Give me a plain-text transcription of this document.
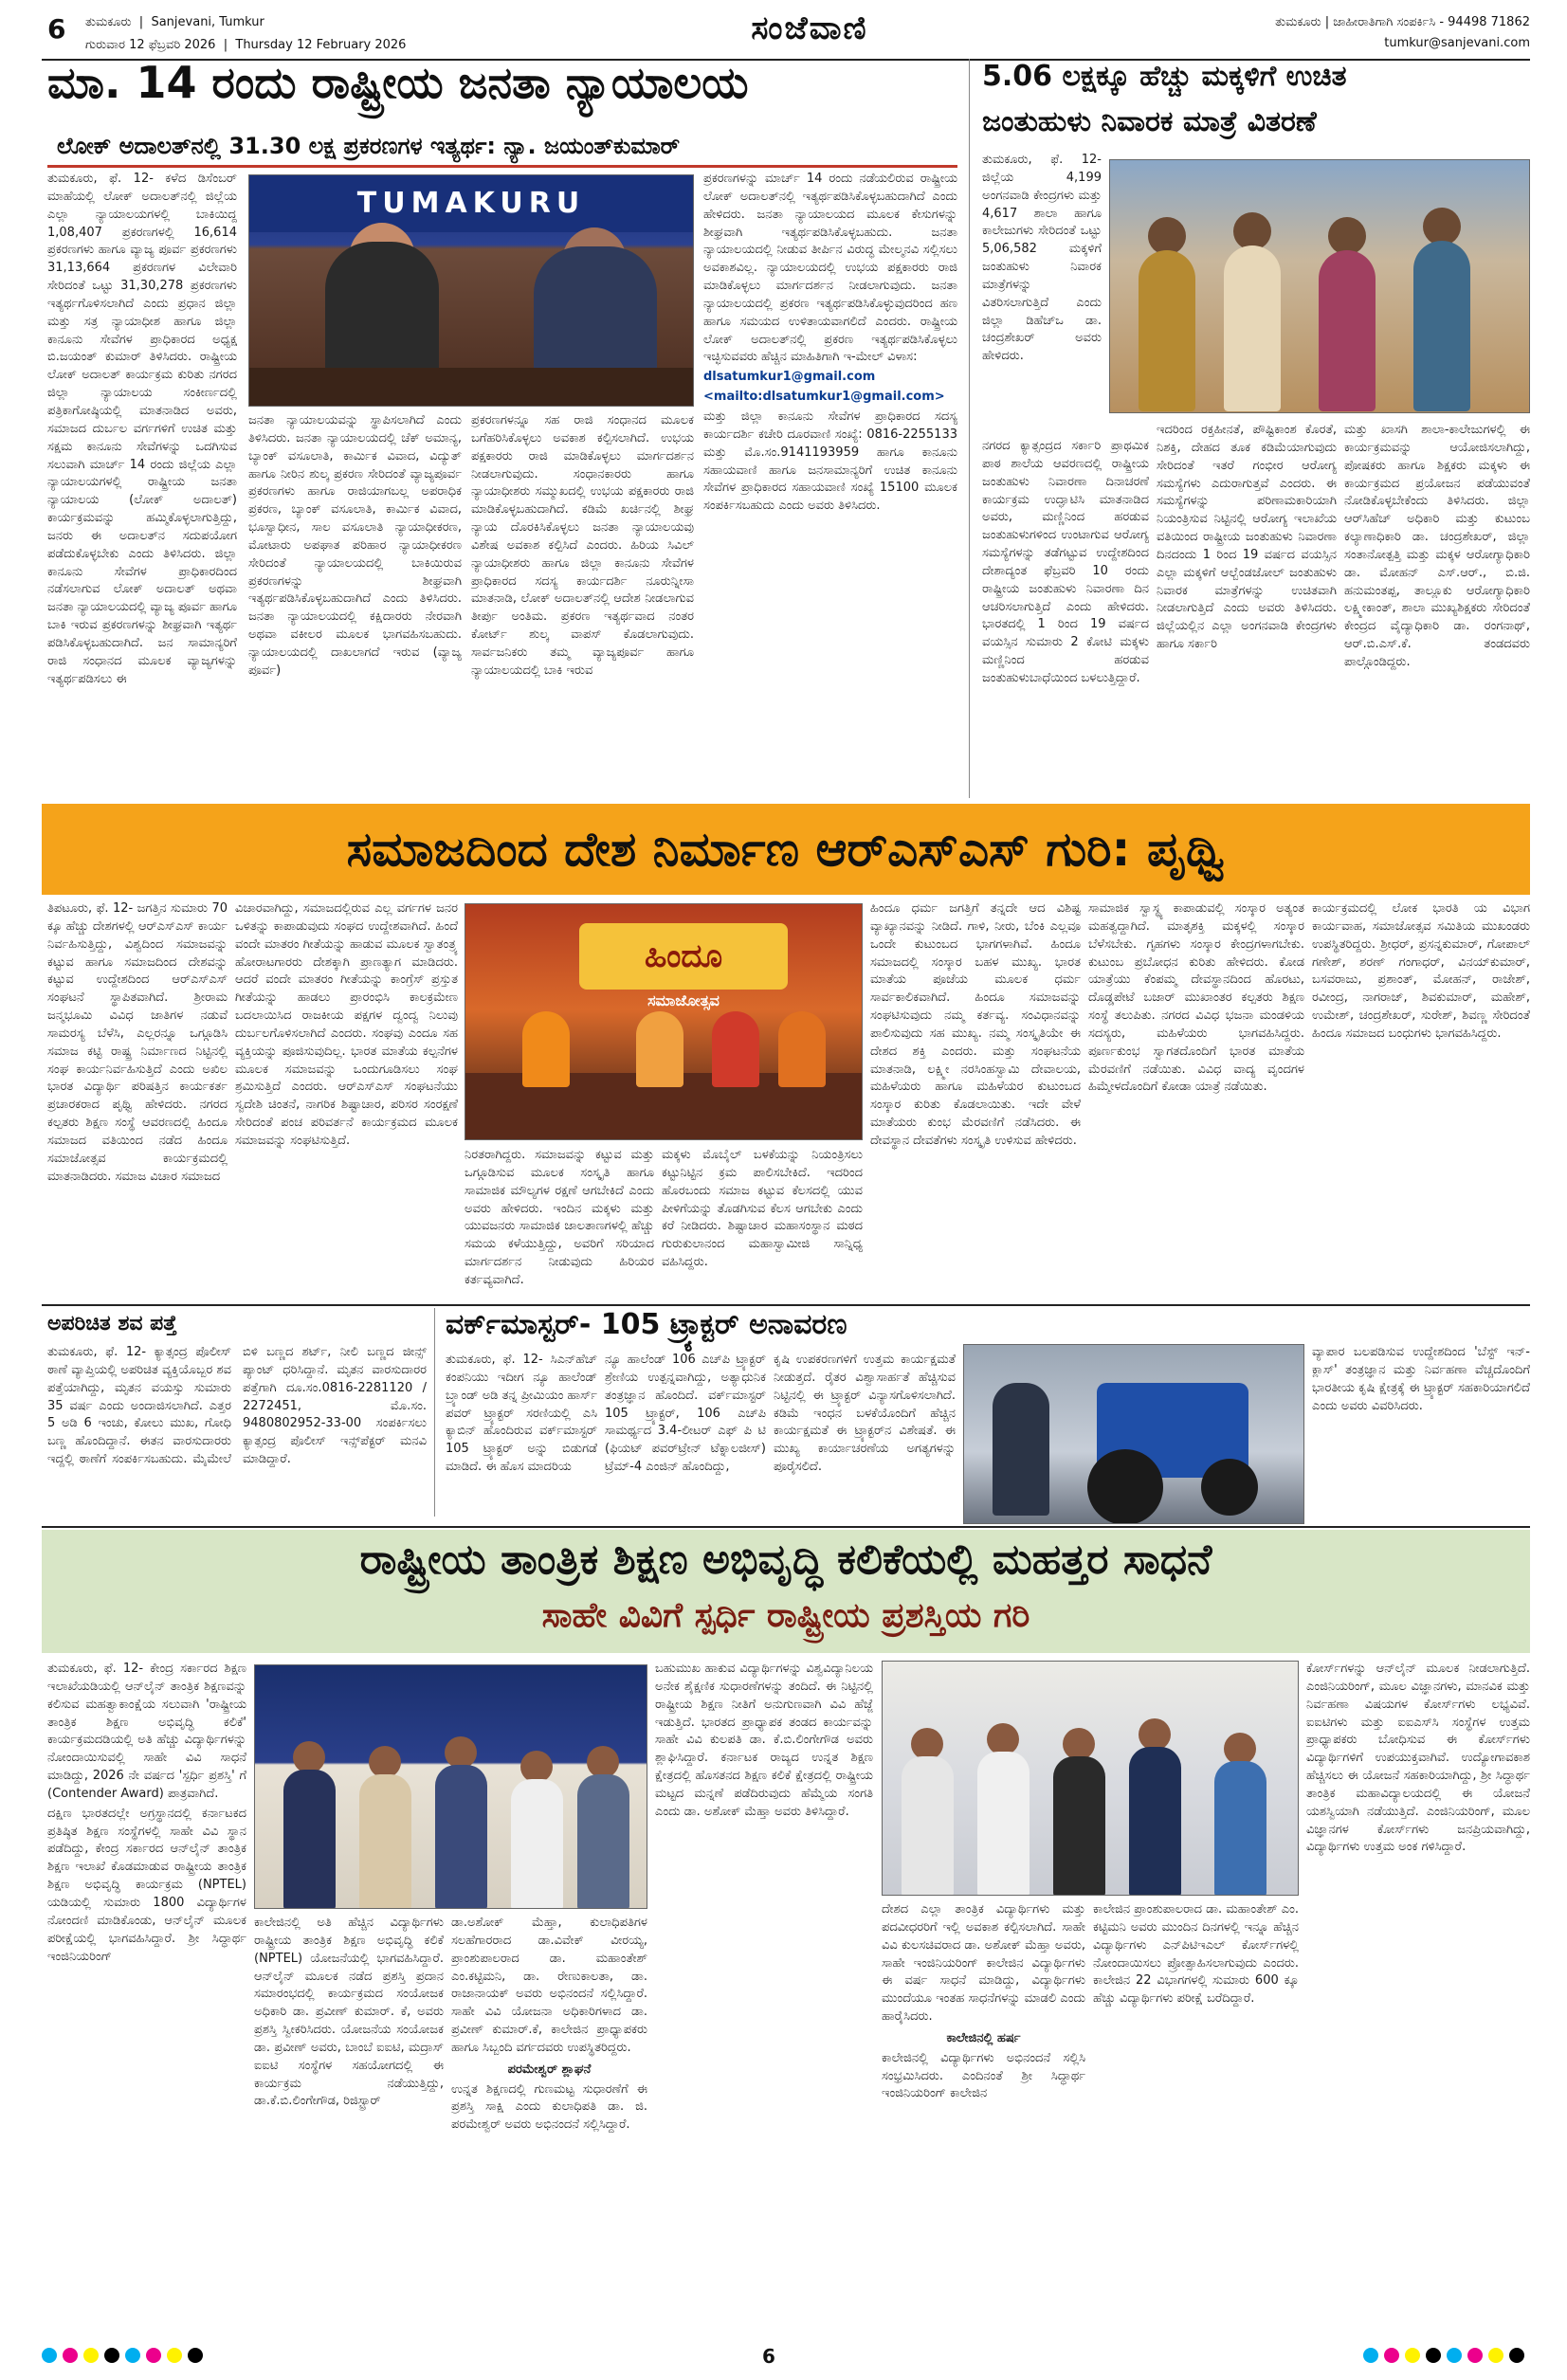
6 ತುಮಕೂರು  |  Sanjevani, Tumkur
ಗುರುವಾರ 12 ಫೆಬ್ರವರಿ 2026  |  Thursday 12 February 2026	ಸಂಜೆವಾಣಿ	ತುಮಕೂರು | ಜಾಹೀರಾತಿಗಾಗಿ ಸಂಪರ್ಕಿಸಿ - 94498 71862
tumkur@sanjevani.com
ಮಾ. 14 ರಂದು ರಾಷ್ಟ್ರೀಯ ಜನತಾ ನ್ಯಾಯಾಲಯ
ಲೋಕ್ ಅದಾಲತ್‌ನಲ್ಲಿ 31.30 ಲಕ್ಷ ಪ್ರಕರಣಗಳ ಇತ್ಯರ್ಥ: ನ್ಯಾ. ಜಯಂತ್‌ಕುಮಾರ್
ತುಮಕೂರು, ಫೆ. 12- ಕಳೆದ ಡಿಸೆಂಬರ್ ಮಾಹೆಯಲ್ಲಿ ಲೋಕ್ ಅದಾಲತ್‌ನಲ್ಲಿ ಜಿಲ್ಲೆಯ ಎಲ್ಲಾ ನ್ಯಾಯಾಲಯಗಳಲ್ಲಿ ಬಾಕಿಯಿದ್ದ 1,08,407 ಪ್ರಕರಣಗಳಲ್ಲಿ 16,614 ಪ್ರಕರಣಗಳು ಹಾಗೂ ವ್ಯಾಜ್ಯ ಪೂರ್ವ ಪ್ರಕರಣಗಳು 31,13,664 ಪ್ರಕರಣಗಳ ವಿಲೇವಾರಿ ಸೇರಿದಂತೆ ಒಟ್ಟು 31,30,278 ಪ್ರಕರಣಗಳು ಇತ್ಯರ್ಥಗೊಳಿಸಲಾಗಿದೆ ಎಂದು ಪ್ರಧಾನ ಜಿಲ್ಲಾ ಮತ್ತು ಸತ್ರ ನ್ಯಾಯಾಧೀಶ ಹಾಗೂ ಜಿಲ್ಲಾ ಕಾನೂನು ಸೇವೆಗಳ ಪ್ರಾಧಿಕಾರದ ಅಧ್ಯಕ್ಷ ಬಿ.ಜಯಂತ್ ಕುಮಾರ್ ತಿಳಿಸಿದರು. ರಾಷ್ಟ್ರೀಯ ಲೋಕ್ ಅದಾಲತ್ ಕಾರ್ಯಕ್ರಮ ಕುರಿತು ನಗರದ ಜಿಲ್ಲಾ ನ್ಯಾಯಾಲಯ ಸಂಕೀರ್ಣದಲ್ಲಿ ಪತ್ರಿಕಾಗೋಷ್ಠಿಯಲ್ಲಿ ಮಾತನಾಡಿದ ಅವರು, ಸಮಾಜದ ದುರ್ಬಲ ವರ್ಗಗಳಿಗೆ ಉಚಿತ ಮತ್ತು ಸಕ್ಷಮ ಕಾನೂನು ಸೇವೆಗಳನ್ನು ಒದಗಿಸುವ ಸಲುವಾಗಿ ಮಾರ್ಚ್ 14 ರಂದು ಜಿಲ್ಲೆಯ ಎಲ್ಲಾ ನ್ಯಾಯಾಲಯಗಳಲ್ಲಿ ರಾಷ್ಟ್ರೀಯ ಜನತಾ ನ್ಯಾಯಾಲಯ (ಲೋಕ್ ಅದಾಲತ್) ಕಾರ್ಯಕ್ರಮವನ್ನು ಹಮ್ಮಿಕೊಳ್ಳಲಾಗುತ್ತಿದ್ದು, ಜನರು ಈ ಅದಾಲತ್‌ನ ಸದುಪಯೋಗ ಪಡೆದುಕೊಳ್ಳಬೇಕು ಎಂದು ತಿಳಿಸಿದರು. ಜಿಲ್ಲಾ ಕಾನೂನು ಸೇವೆಗಳ ಪ್ರಾಧಿಕಾರದಿಂದ ನಡೆಸಲಾಗುವ ಲೋಕ್ ಅದಾಲತ್ ಅಥವಾ ಜನತಾ ನ್ಯಾಯಾಲಯದಲ್ಲಿ ವ್ಯಾಜ್ಯ ಪೂರ್ವ ಹಾಗೂ ಬಾಕಿ ಇರುವ ಪ್ರಕರಣಗಳನ್ನು ಶೀಘ್ರವಾಗಿ ಇತ್ಯರ್ಥ ಪಡಿಸಿಕೊಳ್ಳಬಹುದಾಗಿದೆ. ಜನ ಸಾಮಾನ್ಯರಿಗೆ ರಾಜಿ ಸಂಧಾನದ ಮೂಲಕ ವ್ಯಾಜ್ಯಗಳನ್ನು ಇತ್ಯರ್ಥಪಡಿಸಲು ಈ
TUMAKURU
ಜನತಾ ನ್ಯಾಯಾಲಯವನ್ನು ಸ್ಥಾಪಿಸಲಾಗಿದೆ ಎಂದು ತಿಳಿಸಿದರು. ಜನತಾ ನ್ಯಾಯಾಲಯದಲ್ಲಿ ಚೆಕ್ ಅಮಾನ್ಯ, ಬ್ಯಾಂಕ್ ವಸೂಲಾತಿ, ಕಾರ್ಮಿಕ ವಿವಾದ, ವಿದ್ಯುತ್ ಹಾಗೂ ನೀರಿನ ಶುಲ್ಕ ಪ್ರಕರಣ ಸೇರಿದಂತೆ ವ್ಯಾಜ್ಯಪೂರ್ವ ಪ್ರಕರಣಗಳು ಹಾಗೂ ರಾಜಿಯಾಗಬಲ್ಲ ಅಪರಾಧಿಕ ಪ್ರಕರಣ, ಬ್ಯಾಂಕ್ ವಸೂಲಾತಿ, ಕಾರ್ಮಿಕ ವಿವಾದ, ಭೂಸ್ವಾಧೀನ, ಸಾಲ ವಸೂಲಾತಿ ನ್ಯಾಯಾಧೀಕರಣ, ಮೋಟಾರು ಅಪಘಾತ ಪರಿಹಾರ ನ್ಯಾಯಾಧೀಕರಣ ಸೇರಿದಂತೆ ನ್ಯಾಯಾಲಯದಲ್ಲಿ ಬಾಕಿಯಿರುವ ಪ್ರಕರಣಗಳನ್ನು ಶೀಘ್ರವಾಗಿ ಇತ್ಯರ್ಥಪಡಿಸಿಕೊಳ್ಳಬಹುದಾಗಿದೆ ಎಂದು ತಿಳಿಸಿದರು. ಜನತಾ ನ್ಯಾಯಾಲಯದಲ್ಲಿ ಕಕ್ಷಿದಾರರು ನೇರವಾಗಿ ಅಥವಾ ವಕೀಲರ ಮೂಲಕ ಭಾಗವಹಿಸಬಹುದು. ನ್ಯಾಯಾಲಯದಲ್ಲಿ ದಾಖಲಾಗದೆ ಇರುವ (ವ್ಯಾಜ್ಯ ಪೂರ್ವ)
ಪ್ರಕರಣಗಳನ್ನೂ ಸಹ ರಾಜಿ ಸಂಧಾನದ ಮೂಲಕ ಬಗೆಹರಿಸಿಕೊಳ್ಳಲು ಅವಕಾಶ ಕಲ್ಪಿಸಲಾಗಿದೆ. ಉಭಯ ಪಕ್ಷಕಾರರು ರಾಜಿ ಮಾಡಿಕೊಳ್ಳಲು ಮಾರ್ಗದರ್ಶನ ನೀಡಲಾಗುವುದು. ಸಂಧಾನಕಾರರು ಹಾಗೂ ನ್ಯಾಯಾಧೀಶರು ಸಮ್ಮುಖದಲ್ಲಿ ಉಭಯ ಪಕ್ಷಕಾರರು ರಾಜಿ ಮಾಡಿಕೊಳ್ಳಬಹುದಾಗಿದೆ. ಕಡಿಮೆ ಖರ್ಚಿನಲ್ಲಿ ಶೀಘ್ರ ನ್ಯಾಯ ದೊರಕಿಸಿಕೊಳ್ಳಲು ಜನತಾ ನ್ಯಾಯಾಲಯವು ವಿಶೇಷ ಅವಕಾಶ ಕಲ್ಪಿಸಿದೆ ಎಂದರು. ಹಿರಿಯ ಸಿವಿಲ್ ನ್ಯಾಯಾಧೀಶರು ಹಾಗೂ ಜಿಲ್ಲಾ ಕಾನೂನು ಸೇವೆಗಳ ಪ್ರಾಧಿಕಾರದ ಸದಸ್ಯ ಕಾರ್ಯದರ್ಶಿ ನೂರುನ್ನೀಸಾ ಮಾತನಾಡಿ, ಲೋಕ್ ಅದಾಲತ್‌ನಲ್ಲಿ ಆದೇಶ ನೀಡಲಾಗುವ ತೀರ್ಪು ಅಂತಿಮ. ಪ್ರಕರಣ ಇತ್ಯರ್ಥವಾದ ನಂತರ ಕೋರ್ಟ್ ಶುಲ್ಕ ವಾಪಸ್ ಕೊಡಲಾಗುವುದು. ಸಾರ್ವಜನಿಕರು ತಮ್ಮ ವ್ಯಾಜ್ಯಪೂರ್ವ ಹಾಗೂ ನ್ಯಾಯಾಲಯದಲ್ಲಿ ಬಾಕಿ ಇರುವ

ಪ್ರಕರಣಗಳನ್ನು ಮಾರ್ಚ್ 14 ರಂದು ನಡೆಯಲಿರುವ ರಾಷ್ಟ್ರೀಯ ಲೋಕ್ ಅದಾಲತ್‌ನಲ್ಲಿ ಇತ್ಯರ್ಥಪಡಿಸಿಕೊಳ್ಳಬಹುದಾಗಿದೆ ಎಂದು ಹೇಳಿದರು. ಜನತಾ ನ್ಯಾಯಾಲಯದ ಮೂಲಕ ಕೇಸುಗಳನ್ನು ಶೀಘ್ರವಾಗಿ ಇತ್ಯರ್ಥಪಡಿಸಿಕೊಳ್ಳಬಹುದು. ಜನತಾ ನ್ಯಾಯಾಲಯದಲ್ಲಿ ನೀಡುವ ತೀರ್ಪಿನ ವಿರುದ್ಧ ಮೇಲ್ಮನವಿ ಸಲ್ಲಿಸಲು ಅವಕಾಶವಿಲ್ಲ. ನ್ಯಾಯಾಲಯದಲ್ಲಿ ಉಭಯ ಪಕ್ಷಕಾರರು ರಾಜಿ ಮಾಡಿಕೊಳ್ಳಲು ಮಾರ್ಗದರ್ಶನ ನೀಡಲಾಗುವುದು. ಜನತಾ ನ್ಯಾಯಾಲಯದಲ್ಲಿ ಪ್ರಕರಣ ಇತ್ಯರ್ಥಪಡಿಸಿಕೊಳ್ಳುವುದರಿಂದ ಹಣ ಹಾಗೂ ಸಮಯದ ಉಳಿತಾಯವಾಗಲಿದೆ ಎಂದರು. ರಾಷ್ಟ್ರೀಯ ಲೋಕ್ ಅದಾಲತ್‌ನಲ್ಲಿ ಪ್ರಕರಣ ಇತ್ಯರ್ಥಪಡಿಸಿಕೊಳ್ಳಲು ಇಚ್ಛಿಸುವವರು ಹೆಚ್ಚಿನ ಮಾಹಿತಿಗಾಗಿ ಇ-ಮೇಲ್ ವಿಳಾಸ:

dlsatumkur1@gmail.com

<mailto:dlsatumkur1@gmail.com>

ಮತ್ತು ಜಿಲ್ಲಾ ಕಾನೂನು ಸೇವೆಗಳ ಪ್ರಾಧಿಕಾರದ ಸದಸ್ಯ ಕಾರ್ಯದರ್ಶಿ ಕಚೇರಿ ದೂರವಾಣಿ ಸಂಖ್ಯೆ: 0816-2255133 ಮತ್ತು ಮೊ.ಸಂ.9141193959 ಹಾಗೂ ಕಾನೂನು ಸಹಾಯವಾಣಿ ಹಾಗೂ ಜನಸಾಮಾನ್ಯರಿಗೆ ಉಚಿತ ಕಾನೂನು ಸೇವೆಗಳ ಪ್ರಾಧಿಕಾರದ ಸಹಾಯವಾಣಿ ಸಂಖ್ಯೆ 15100 ಮೂಲಕ ಸಂಪರ್ಕಿಸಬಹುದು ಎಂದು ಅವರು ತಿಳಿಸಿದರು.

5.06 ಲಕ್ಷಕ್ಕೂ ಹೆಚ್ಚು ಮಕ್ಕಳಿಗೆ ಉಚಿತ
ಜಂತುಹುಳು ನಿವಾರಕ ಮಾತ್ರೆ ವಿತರಣೆ
ತುಮಕೂರು, ಫೆ. 12- ಜಿಲ್ಲೆಯ 4,199 ಅಂಗನವಾಡಿ ಕೇಂದ್ರಗಳು ಮತ್ತು 4,617 ಶಾಲಾ ಹಾಗೂ ಕಾಲೇಜುಗಳು ಸೇರಿದಂತೆ ಒಟ್ಟು 5,06,582 ಮಕ್ಕಳಿಗೆ ಜಂತುಹುಳು ನಿವಾರಕ ಮಾತ್ರೆಗಳನ್ನು ವಿತರಿಸಲಾಗುತ್ತಿದೆ ಎಂದು ಜಿಲ್ಲಾ ಡಿಹೆಚ್‌ಒ ಡಾ. ಚಂದ್ರಶೇಖರ್ ಅವರು ಹೇಳಿದರು.
ನಗರದ ಕ್ಯಾತ್ಸಂದ್ರದ ಸರ್ಕಾರಿ ಪ್ರಾಥಮಿಕ ಪಾಠ ಶಾಲೆಯ ಆವರಣದಲ್ಲಿ ರಾಷ್ಟ್ರೀಯ ಜಂತುಹುಳು ನಿವಾರಣಾ ದಿನಾಚರಣೆ ಕಾರ್ಯಕ್ರಮ ಉದ್ಘಾಟಿಸಿ ಮಾತನಾಡಿದ ಅವರು, ಮಣ್ಣಿನಿಂದ ಹರಡುವ ಜಂತುಹುಳುಗಳಿಂದ ಉಂಟಾಗುವ ಆರೋಗ್ಯ ಸಮಸ್ಯೆಗಳನ್ನು ತಡೆಗಟ್ಟುವ ಉದ್ದೇಶದಿಂದ ದೇಶಾದ್ಯಂತ ಫೆಬ್ರವರಿ 10 ರಂದು ರಾಷ್ಟ್ರೀಯ ಜಂತುಹುಳು ನಿವಾರಣಾ ದಿನ ಆಚರಿಸಲಾಗುತ್ತಿದೆ ಎಂದು ಹೇಳಿದರು. ಭಾರತದಲ್ಲಿ 1 ರಿಂದ 19 ವರ್ಷದ ವಯಸ್ಸಿನ ಸುಮಾರು 2 ಕೋಟಿ ಮಕ್ಕಳು ಮಣ್ಣಿನಿಂದ ಹರಡುವ ಜಂತುಹುಳುಬಾಧೆಯಿಂದ ಬಳಲುತ್ತಿದ್ದಾರೆ.
ಇದರಿಂದ ರಕ್ತಹೀನತೆ, ಪೌಷ್ಟಿಕಾಂಶ ಕೊರತೆ, ನಿಶಕ್ತಿ, ದೇಹದ ತೂಕ ಕಡಿಮೆಯಾಗುವುದು ಸೇರಿದಂತೆ ಇತರೆ ಗಂಭೀರ ಆರೋಗ್ಯ ಸಮಸ್ಯೆಗಳು ಎದುರಾಗುತ್ತವೆ ಎಂದರು. ಈ ಸಮಸ್ಯೆಗಳನ್ನು ಪರಿಣಾಮಕಾರಿಯಾಗಿ ನಿಯಂತ್ರಿಸುವ ನಿಟ್ಟಿನಲ್ಲಿ ಆರೋಗ್ಯ ಇಲಾಖೆಯ ವತಿಯಿಂದ ರಾಷ್ಟ್ರೀಯ ಜಂತುಹುಳು ನಿವಾರಣಾ ದಿನದಂದು 1 ರಿಂದ 19 ವರ್ಷದ ವಯಸ್ಸಿನ ಎಲ್ಲಾ ಮಕ್ಕಳಿಗೆ ಆಲ್ಬೆಂಡಜೋಲ್ ಜಂತುಹುಳು ನಿವಾರಕ ಮಾತ್ರೆಗಳನ್ನು ಉಚಿತವಾಗಿ ನೀಡಲಾಗುತ್ತಿದೆ ಎಂದು ಅವರು ತಿಳಿಸಿದರು. ಜಿಲ್ಲೆಯಲ್ಲಿನ ಎಲ್ಲಾ ಅಂಗನವಾಡಿ ಕೇಂದ್ರಗಳು ಹಾಗೂ ಸರ್ಕಾರಿ
ಮತ್ತು ಖಾಸಗಿ ಶಾಲಾ-ಕಾಲೇಜುಗಳಲ್ಲಿ ಈ ಕಾರ್ಯಕ್ರಮವನ್ನು ಆಯೋಜಿಸಲಾಗಿದ್ದು, ಪೋಷಕರು ಹಾಗೂ ಶಿಕ್ಷಕರು ಮಕ್ಕಳು ಈ ಕಾರ್ಯಕ್ರಮದ ಪ್ರಯೋಜನ ಪಡೆಯುವಂತೆ ನೋಡಿಕೊಳ್ಳಬೇಕೆಂದು ತಿಳಿಸಿದರು. ಜಿಲ್ಲಾ ಆರ್‌ಸಿಹೆಚ್ ಅಧಿಕಾರಿ ಮತ್ತು ಕುಟುಂಬ ಕಲ್ಯಾಣಾಧಿಕಾರಿ ಡಾ. ಚಂದ್ರಶೇಖರ್, ಜಿಲ್ಲಾ ಸಂತಾನೋತ್ಪತ್ತಿ ಮತ್ತು ಮಕ್ಕಳ ಆರೋಗ್ಯಾಧಿಕಾರಿ ಡಾ. ಮೋಹನ್ ಎಸ್.ಆರ್., ಬಿ.ಜಿ. ಹನುಮಂತಪ್ಪ, ತಾಲ್ಲೂಕು ಆರೋಗ್ಯಾಧಿಕಾರಿ ಲಕ್ಷ್ಮೀಕಾಂತ್, ಶಾಲಾ ಮುಖ್ಯಶಿಕ್ಷಕರು ಸೇರಿದಂತೆ ಕೇಂದ್ರದ ವೈದ್ಯಾಧಿಕಾರಿ ಡಾ. ರಂಗನಾಥ್, ಆರ್.ಬಿ.ಎಸ್.ಕೆ. ತಂಡದವರು ಪಾಲ್ಗೊಂಡಿದ್ದರು.
ಸಮಾಜದಿಂದ ದೇಶ ನಿರ್ಮಾಣ ಆರ್‌ಎಸ್‌ಎಸ್ ಗುರಿ: ಪೃಥ್ವಿ
ತಿಪಟೂರು, ಫೆ. 12- ಜಗತ್ತಿನ ಸುಮಾರು 70 ಕ್ಕೂ ಹೆಚ್ಚು ದೇಶಗಳಲ್ಲಿ ಆರ್‌ಎಸ್‌ಎಸ್ ಕಾರ್ಯ ನಿರ್ವಹಿಸುತ್ತಿದ್ದು, ವಿಶ್ವದಿಂದ ಸಮಾಜವನ್ನು ಕಟ್ಟುವ ಹಾಗೂ ಸಮಾಜದಿಂದ ದೇಶವನ್ನು ಕಟ್ಟುವ ಉದ್ದೇಶದಿಂದ ಆರ್‌ಎಸ್‌ಎಸ್ ಸಂಘಟನೆ ಸ್ಥಾಪಿತವಾಗಿದೆ. ಶ್ರೀರಾಮ ಜನ್ಮಭೂಮಿ ವಿವಿಧ ಜಾತಿಗಳ ನಡುವೆ ಸಾಮರಸ್ಯ ಬೆಳೆಸಿ, ಎಲ್ಲರನ್ನೂ ಒಗ್ಗೂಡಿಸಿ ಸಮಾಜ ಕಟ್ಟಿ ರಾಷ್ಟ್ರ ನಿರ್ಮಾಣದ ನಿಟ್ಟಿನಲ್ಲಿ ಸಂಘ ಕಾರ್ಯನಿರ್ವಹಿಸುತ್ತಿದೆ ಎಂದು ಅಖಿಲ ಭಾರತ ವಿದ್ಯಾರ್ಥಿ ಪರಿಷತ್ತಿನ ಕಾರ್ಯಕರ್ತ ಪ್ರಚಾರಕರಾದ ಪೃಥ್ವಿ ಹೇಳಿದರು. ನಗರದ ಕಲ್ಪತರು ಶಿಕ್ಷಣ ಸಂಸ್ಥೆ ಆವರಣದಲ್ಲಿ ಹಿಂದೂ ಸಮಾಜದ ವತಿಯಿಂದ ನಡೆದ ಹಿಂದೂ ಸಮಾಜೋತ್ಸವ ಕಾರ್ಯಕ್ರಮದಲ್ಲಿ ಮಾತನಾಡಿದರು. ಸಮಾಜ ವಿಚಾರ ಸಮಾಜದ
ವಿಚಾರವಾಗಿದ್ದು, ಸಮಾಜದಲ್ಲಿರುವ ಎಲ್ಲ ವರ್ಗಗಳ ಜನರ ಒಳಿತನ್ನು ಕಾಪಾಡುವುದು ಸಂಘದ ಉದ್ದೇಶವಾಗಿದೆ. ಹಿಂದೆ ವಂದೇ ಮಾತರಂ ಗೀತೆಯನ್ನು ಹಾಡುವ ಮೂಲಕ ಸ್ವಾತಂತ್ರ್ಯ ಹೋರಾಟಗಾರರು ದೇಶಕ್ಕಾಗಿ ಪ್ರಾಣತ್ಯಾಗ ಮಾಡಿದರು. ಆದರೆ ವಂದೇ ಮಾತರಂ ಗೀತೆಯನ್ನು ಕಾಂಗ್ರೆಸ್ ಪ್ರಸ್ತುತ ಗೀತೆಯನ್ನು ಹಾಡಲು ಪ್ರಾರಂಭಿಸಿ ಕಾಲಕ್ರಮೇಣ ಬದಲಾಯಿಸಿದ ರಾಜಕೀಯ ಪಕ್ಷಗಳ ದ್ವಂದ್ವ ನಿಲುವು ದುರ್ಬಲಗೊಳಿಸಲಾಗಿದೆ ಎಂದರು. ಸಂಘವು ಎಂದೂ ಸಹ ವ್ಯಕ್ತಿಯನ್ನು ಪೂಜಿಸುವುದಿಲ್ಲ. ಭಾರತ ಮಾತೆಯ ಕಲ್ಪನೆಗಳ ಮೂಲಕ ಸಮಾಜವನ್ನು ಒಂದುಗೂಡಿಸಲು ಸಂಘ ಶ್ರಮಿಸುತ್ತಿದೆ ಎಂದರು. ಆರ್‌ಎಸ್‌ಎಸ್ ಸಂಘಟನೆಯು ಸ್ವದೇಶಿ ಚಿಂತನೆ, ನಾಗರಿಕ ಶಿಷ್ಟಾಚಾರ, ಪರಿಸರ ಸಂರಕ್ಷಣೆ ಸೇರಿದಂತೆ ಪಂಚ ಪರಿವರ್ತನೆ ಕಾರ್ಯಕ್ರಮದ ಮೂಲಕ ಸಮಾಜವನ್ನು ಸಂಘಟಿಸುತ್ತಿದೆ.
ಹಿಂದೂ
ಸಮಾಜೋತ್ಸವ
ನಿರತರಾಗಿದ್ದರು. ಸಮಾಜವನ್ನು ಕಟ್ಟುವ ಮತ್ತು ಒಗ್ಗೂಡಿಸುವ ಮೂಲಕ ಸಂಸ್ಕೃತಿ ಹಾಗೂ ಸಾಮಾಜಿಕ ಮೌಲ್ಯಗಳ ರಕ್ಷಣೆ ಆಗಬೇಕಿದೆ ಎಂದು ಅವರು ಹೇಳಿದರು. ಇಂದಿನ ಮಕ್ಕಳು ಮತ್ತು ಯುವಜನರು ಸಾಮಾಜಿಕ ಜಾಲತಾಣಗಳಲ್ಲಿ ಹೆಚ್ಚು ಸಮಯ ಕಳೆಯುತ್ತಿದ್ದು, ಅವರಿಗೆ ಸರಿಯಾದ ಮಾರ್ಗದರ್ಶನ ನೀಡುವುದು ಹಿರಿಯರ ಕರ್ತವ್ಯವಾಗಿದೆ.
ಮಕ್ಕಳು ಮೊಬೈಲ್ ಬಳಕೆಯನ್ನು ನಿಯಂತ್ರಿಸಲು ಕಟ್ಟುನಿಟ್ಟಿನ ಕ್ರಮ ಪಾಲಿಸಬೇಕಿದೆ. ಇದರಿಂದ ಹೊರಬಂದು ಸಮಾಜ ಕಟ್ಟುವ ಕೆಲಸದಲ್ಲಿ ಯುವ ಪೀಳಿಗೆಯನ್ನು ತೊಡಗಿಸುವ ಕೆಲಸ ಆಗಬೇಕು ಎಂದು ಕರೆ ನೀಡಿದರು. ಶಿಷ್ಟಾಚಾರ ಮಹಾಸಂಸ್ಥಾನ ಮಠದ ಗುರುಕುಲಾನಂದ ಮಹಾಸ್ವಾಮೀಜಿ ಸಾನ್ನಿಧ್ಯ ವಹಿಸಿದ್ದರು.
ಹಿಂದೂ ಧರ್ಮ ಜಗತ್ತಿಗೆ ತನ್ನದೇ ಆದ ವಿಶಿಷ್ಟ ವ್ಯಾಖ್ಯಾನವನ್ನು ನೀಡಿದೆ. ಗಾಳಿ, ನೀರು, ಬೆಂಕಿ ಎಲ್ಲವೂ ಒಂದೇ ಕುಟುಂಬದ ಭಾಗಗಳಾಗಿವೆ. ಹಿಂದೂ ಸಮಾಜದಲ್ಲಿ ಸಂಸ್ಕಾರ ಬಹಳ ಮುಖ್ಯ. ಭಾರತ ಮಾತೆಯ ಪೂಜೆಯ ಮೂಲಕ ಧರ್ಮ ಸಾರ್ವಕಾಲಿಕವಾಗಿದೆ. ಹಿಂದೂ ಸಮಾಜವನ್ನು ಸಂಘಟಿಸುವುದು ನಮ್ಮ ಕರ್ತವ್ಯ. ಸಂವಿಧಾನವನ್ನು ಪಾಲಿಸುವುದು ಸಹ ಮುಖ್ಯ. ನಮ್ಮ ಸಂಸ್ಕೃತಿಯೇ ಈ ದೇಶದ ಶಕ್ತಿ ಎಂದರು. ಮತ್ತು ಸಂಘಟನೆಯ ಮಾತನಾಡಿ, ಲಕ್ಷ್ಮೀ ನರಸಿಂಹಸ್ವಾಮಿ ದೇವಾಲಯ, ಮಹಿಳೆಯರು ಹಾಗೂ ಮಹಿಳೆಯರ ಕುಟುಂಬದ ಸಂಸ್ಕಾರ ಕುರಿತು ಕೊಡಲಾಯಿತು. ಇದೇ ವೇಳೆ ಮಾತೆಯರು ಕುಂಭ ಮೆರವಣಿಗೆ ನಡೆಸಿದರು. ಈ ದೇವಸ್ಥಾನ ದೇವತೆಗಳು ಸಂಸ್ಕೃತಿ ಉಳಿಸುವ ಹೇಳಿದರು.
ಸಾಮಾಜಿಕ ಸ್ವಾಸ್ಥ್ಯ ಕಾಪಾಡುವಲ್ಲಿ ಸಂಸ್ಕಾರ ಅತ್ಯಂತ ಮಹತ್ವದ್ದಾಗಿದೆ. ಮಾತೃಶಕ್ತಿ ಮಕ್ಕಳಲ್ಲಿ ಸಂಸ್ಕಾರ ಬೆಳೆಸಬೇಕು. ಗೃಹಗಳು ಸಂಸ್ಕಾರ ಕೇಂದ್ರಗಳಾಗಬೇಕು. ಕುಟುಂಬ ಪ್ರಬೋಧನ ಕುರಿತು ಹೇಳಿದರು. ಕೋಡ ಯಾತ್ರೆಯು ಕೆಂಪಮ್ಮ ದೇವಸ್ಥಾನದಿಂದ ಹೊರಟು, ದೊಡ್ಡಪೇಟೆ ಬಜಾರ್ ಮುಖಾಂತರ ಕಲ್ಪತರು ಶಿಕ್ಷಣ ಸಂಸ್ಥೆ ತಲುಪಿತು. ನಗರದ ವಿವಿಧ ಭಜನಾ ಮಂಡಳಿಯ ಸದಸ್ಯರು, ಮಹಿಳೆಯರು ಭಾಗವಹಿಸಿದ್ದರು. ಪೂರ್ಣಕುಂಭ ಸ್ವಾಗತದೊಂದಿಗೆ ಭಾರತ ಮಾತೆಯ ಮೆರವಣಿಗೆ ನಡೆಯಿತು. ವಿವಿಧ ವಾದ್ಯ ವೃಂದಗಳ ಹಿಮ್ಮೇಳದೊಂದಿಗೆ ಕೋಡಾ ಯಾತ್ರೆ ನಡೆಯಿತು.
ಕಾರ್ಯಕ್ರಮದಲ್ಲಿ ಲೋಕ ಭಾರತಿ ಯ ವಿಭಾಗ ಕಾರ್ಯವಾಹ, ಸಮಾಜೋತ್ಸವ ಸಮಿತಿಯ ಮುಖಂಡರು ಉಪಸ್ಥಿತರಿದ್ದರು. ಶ್ರೀಧರ್, ಪ್ರಸನ್ನಕುಮಾರ್, ಗೋಪಾಲ್ ಗಣೇಶ್, ಶರಣ್ ಗಂಗಾಧರ್, ವಿನಯ್‌ಕುಮಾರ್, ಬಸವರಾಜು, ಪ್ರಶಾಂತ್, ಮೋಹನ್, ರಾಜೇಶ್, ರವೀಂದ್ರ, ನಾಗರಾಜ್, ಶಿವಕುಮಾರ್, ಮಹೇಶ್, ಉಮೇಶ್, ಚಂದ್ರಶೇಖರ್, ಸುರೇಶ್, ಶಿವಣ್ಣ ಸೇರಿದಂತೆ ಹಿಂದೂ ಸಮಾಜದ ಬಂಧುಗಳು ಭಾಗವಹಿಸಿದ್ದರು.
ಅಪರಿಚಿತ ಶವ ಪತ್ತೆ
ತುಮಕೂರು, ಫೆ. 12- ಕ್ಯಾತ್ಸಂದ್ರ ಪೊಲೀಸ್ ಠಾಣೆ ವ್ಯಾಪ್ತಿಯಲ್ಲಿ ಅಪರಿಚಿತ ವ್ಯಕ್ತಿಯೊಬ್ಬರ ಶವ ಪತ್ತೆಯಾಗಿದ್ದು, ಮೃತನ ವಯಸ್ಸು ಸುಮಾರು 35 ವರ್ಷ ಎಂದು ಅಂದಾಜಿಸಲಾಗಿದೆ. ಎತ್ತರ 5 ಅಡಿ 6 ಇಂಚು, ಕೋಲು ಮುಖ, ಗೋಧಿ ಬಣ್ಣ ಹೊಂದಿದ್ದಾನೆ. ಈತನ ವಾರಸುದಾರರು ಇದ್ದಲ್ಲಿ ಠಾಣೆಗೆ ಸಂಪರ್ಕಿಸಬಹುದು. ಮೈಮೇಲೆ ಬಿಳಿ ಬಣ್ಣದ ಶರ್ಟ್, ನೀಲಿ ಬಣ್ಣದ ಜೀನ್ಸ್ ಪ್ಯಾಂಟ್ ಧರಿಸಿದ್ದಾನೆ. ಮೃತನ ವಾರಸುದಾರರ ಪತ್ತೆಗಾಗಿ ದೂ.ಸಂ.0816-2281120 / 2272451, ಮೊ.ಸಂ. 9480802952-33-00 ಸಂಪರ್ಕಿಸಲು ಕ್ಯಾತ್ಸಂದ್ರ ಪೊಲೀಸ್ ಇನ್ಸ್‌ಪೆಕ್ಟರ್ ಮನವಿ ಮಾಡಿದ್ದಾರೆ.
ವರ್ಕ್‌ಮಾಸ್ಟರ್- 105 ಟ್ರ್ಯಾಕ್ಟರ್ ಅನಾವರಣ
ತುಮಕೂರು, ಫೆ. 12- ಸಿಎನ್‌ಹೆಚ್ ಕಂಪನಿಯು ಇದೀಗ ನ್ಯೂ ಹಾಲೆಂಡ್ ಬ್ರ್ಯಾಂಡ್ ಅಡಿ ತನ್ನ ಪ್ರೀಮಿಯಂ ಹಾರ್ಸ್ ಪವರ್ ಟ್ರ್ಯಾಕ್ಟರ್ ಸರಣಿಯಲ್ಲಿ ಎಸಿ ಕ್ಯಾಬಿನ್ ಹೊಂದಿರುವ ವರ್ಕ್‌ಮಾಸ್ಟರ್ 105 ಟ್ರ್ಯಾಕ್ಟರ್ ಅನ್ನು ಬಿಡುಗಡೆ ಮಾಡಿದೆ. ಈ ಹೊಸ ಮಾದರಿಯ
ನ್ಯೂ ಹಾಲೆಂಡ್ 106 ಎಚ್‌ಪಿ ಟ್ರ್ಯಾಕ್ಟರ್ ಶ್ರೇಣಿಯ ಉತ್ಪನ್ನವಾಗಿದ್ದು, ಅತ್ಯಾಧುನಿಕ ತಂತ್ರಜ್ಞಾನ ಹೊಂದಿದೆ. ವರ್ಕ್‌ಮಾಸ್ಟರ್ 105 ಟ್ರ್ಯಾಕ್ಟರ್, 106 ಎಚ್‌ಪಿ ಸಾಮರ್ಥ್ಯದ 3.4-ಲೀಟರ್ ಎಫ್ ಪಿ ಟಿ (ಫಿಯಟ್ ಪವರ್‌ಟ್ರೇನ್ ಟೆಕ್ನಾಲಜೀಸ್) ಟ್ರೆಮ್-4 ಎಂಜಿನ್ ಹೊಂದಿದ್ದು,
ಕೃಷಿ ಉಪಕರಣಗಳಿಗೆ ಉತ್ತಮ ಕಾರ್ಯಕ್ಷಮತೆ ನೀಡುತ್ತದೆ. ರೈತರ ವಿಶ್ವಾಸಾರ್ಹತೆ ಹೆಚ್ಚಿಸುವ ನಿಟ್ಟಿನಲ್ಲಿ ಈ ಟ್ರ್ಯಾಕ್ಟರ್ ವಿನ್ಯಾಸಗೊಳಿಸಲಾಗಿದೆ. ಕಡಿಮೆ ಇಂಧನ ಬಳಕೆಯೊಂದಿಗೆ ಹೆಚ್ಚಿನ ಕಾರ್ಯಕ್ಷಮತೆ ಈ ಟ್ರ್ಯಾಕ್ಟರ್‌ನ ವಿಶೇಷತೆ. ಈ ಮುಖ್ಯ ಕಾರ್ಯಾಚರಣೆಯ ಅಗತ್ಯಗಳನ್ನು ಪೂರೈಸಲಿದೆ.
ವ್ಯಾಪಾರ ಬಲಪಡಿಸುವ ಉದ್ದೇಶದಿಂದ 'ಬೆಸ್ಟ್ ಇನ್-ಕ್ಲಾಸ್' ತಂತ್ರಜ್ಞಾನ ಮತ್ತು ನಿರ್ವಹಣಾ ವೆಚ್ಚದೊಂದಿಗೆ ಭಾರತೀಯ ಕೃಷಿ ಕ್ಷೇತ್ರಕ್ಕೆ ಈ ಟ್ರ್ಯಾಕ್ಟರ್ ಸಹಕಾರಿಯಾಗಲಿದೆ ಎಂದು ಅವರು ವಿವರಿಸಿದರು.
ರಾಷ್ಟ್ರೀಯ ತಾಂತ್ರಿಕ ಶಿಕ್ಷಣ ಅಭಿವೃದ್ಧಿ ಕಲಿಕೆಯಲ್ಲಿ ಮಹತ್ತರ ಸಾಧನೆ
ಸಾಹೇ ವಿವಿಗೆ ಸ್ಪರ್ಧಿ ರಾಷ್ಟ್ರೀಯ ಪ್ರಶಸ್ತಿಯ ಗರಿ

ತುಮಕೂರು, ಫೆ. 12- ಕೇಂದ್ರ ಸರ್ಕಾರದ ಶಿಕ್ಷಣ ಇಲಾಖೆಯಡಿಯಲ್ಲಿ ಆನ್‌ಲೈನ್ ತಾಂತ್ರಿಕ ಶಿಕ್ಷಣವನ್ನು ಕಲಿಸುವ ಮಹತ್ವಾಕಾಂಕ್ಷೆಯ ಸಲುವಾಗಿ 'ರಾಷ್ಟ್ರೀಯ ತಾಂತ್ರಿಕ ಶಿಕ್ಷಣ ಅಭಿವೃದ್ಧಿ ಕಲಿಕೆ' ಕಾರ್ಯಕ್ರಮದಡಿಯಲ್ಲಿ ಅತಿ ಹೆಚ್ಚು ವಿದ್ಯಾರ್ಥಿಗಳನ್ನು ನೋಂದಾಯಿಸುವಲ್ಲಿ ಸಾಹೇ ವಿವಿ ಸಾಧನೆ ಮಾಡಿದ್ದು, 2026 ನೇ ವರ್ಷದ 'ಸ್ಪರ್ಧಿ ಪ್ರಶಸ್ತಿ' ಗೆ (Contender Award) ಪಾತ್ರವಾಗಿದೆ.

ದಕ್ಷಿಣ ಭಾರತದಲ್ಲೇ ಅಗ್ರಸ್ಥಾನದಲ್ಲಿ ಕರ್ನಾಟಕದ ಪ್ರತಿಷ್ಠಿತ ಶಿಕ್ಷಣ ಸಂಸ್ಥೆಗಳಲ್ಲಿ ಸಾಹೇ ವಿವಿ ಸ್ಥಾನ ಪಡೆದಿದ್ದು, ಕೇಂದ್ರ ಸರ್ಕಾರದ ಆನ್‌ಲೈನ್ ತಾಂತ್ರಿಕ ಶಿಕ್ಷಣ ಇಲಾಖೆ ಕೊಡಮಾಡುವ ರಾಷ್ಟ್ರೀಯ ತಾಂತ್ರಿಕ ಶಿಕ್ಷಣ ಅಭಿವೃದ್ಧಿ ಕಾರ್ಯಕ್ರಮ (NPTEL) ಯಡಿಯಲ್ಲಿ ಸುಮಾರು 1800 ವಿದ್ಯಾರ್ಥಿಗಳ ನೋಂದಣಿ ಮಾಡಿಕೊಂಡು, ಆನ್‌ಲೈನ್ ಮೂಲಕ ಪರೀಕ್ಷೆಯಲ್ಲಿ ಭಾಗವಹಿಸಿದ್ದಾರೆ. ಶ್ರೀ ಸಿದ್ಧಾರ್ಥ ಇಂಜಿನಿಯರಿಂಗ್

ಕಾಲೇಜಿನಲ್ಲಿ ಅತಿ ಹೆಚ್ಚಿನ ವಿದ್ಯಾರ್ಥಿಗಳು ರಾಷ್ಟ್ರೀಯ ತಾಂತ್ರಿಕ ಶಿಕ್ಷಣ ಅಭಿವೃದ್ಧಿ ಕಲಿಕೆ (NPTEL) ಯೋಜನೆಯಲ್ಲಿ ಭಾಗವಹಿಸಿದ್ದಾರೆ. ಆನ್‌ಲೈನ್ ಮೂಲಕ ನಡೆದ ಪ್ರಶಸ್ತಿ ಪ್ರದಾನ ಸಮಾರಂಭದಲ್ಲಿ ಕಾರ್ಯಕ್ರಮದ ಸಂಯೋಜಕ ಅಧಿಕಾರಿ ಡಾ. ಪ್ರವೀಣ್ ಕುಮಾರ್. ಕೆ, ಅವರು ಪ್ರಶಸ್ತಿ ಸ್ವೀಕರಿಸಿದರು. ಯೋಜನೆಯ ಸಂಯೋಜಕ ಡಾ. ಪ್ರವೀಣ್ ಅವರು, ಬಾಂಬೆ ಐಐಟಿ, ಮದ್ರಾಸ್ ಐಐಟಿ ಸಂಸ್ಥೆಗಳ ಸಹಯೋಗದಲ್ಲಿ ಈ ಕಾರ್ಯಕ್ರಮ ನಡೆಯುತ್ತಿದ್ದು, ಡಾ.ಕೆ.ಬಿ.ಲಿಂಗೇಗೌಡ, ರಿಜಿಸ್ಟ್ರಾರ್

ಡಾ.ಅಶೋಕ್ ಮೆಹ್ತಾ, ಕುಲಾಧಿಪತಿಗಳ ಸಲಹೆಗಾರರಾದ ಡಾ.ವಿವೇಕ್ ವೀರಯ್ಯ, ಪ್ರಾಂಶುಪಾಲರಾದ ಡಾ. ಮಹಾಂತೇಶ್ ಎಂ.ಕಟ್ಟಿಮನಿ, ಡಾ. ರೇಣುಕಾಲತಾ, ಡಾ. ರಾಜಾನಾಯಕ್ ಅವರು ಅಭಿನಂದನೆ ಸಲ್ಲಿಸಿದ್ದಾರೆ. ಸಾಹೇ ವಿವಿ ಯೋಜನಾ ಅಧಿಕಾರಿಗಳಾದ ಡಾ. ಪ್ರವೀಣ್ ಕುಮಾರ್.ಕೆ, ಕಾಲೇಜಿನ ಪ್ರಾಧ್ಯಾಪಕರು ಹಾಗೂ ಸಿಬ್ಬಂದಿ ವರ್ಗದವರು ಉಪಸ್ಥಿತರಿದ್ದರು.

ಪರಮೇಶ್ವರ್ ಶ್ಲಾಘನೆ

ಉನ್ನತ ಶಿಕ್ಷಣದಲ್ಲಿ ಗುಣಮಟ್ಟ ಸುಧಾರಣೆಗೆ ಈ ಪ್ರಶಸ್ತಿ ಸಾಕ್ಷಿ ಎಂದು ಕುಲಾಧಿಪತಿ ಡಾ. ಜಿ. ಪರಮೇಶ್ವರ್ ಅವರು ಅಭಿನಂದನೆ ಸಲ್ಲಿಸಿದ್ದಾರೆ.

ಬಹುಮುಖ ಹಾಕುವ ವಿದ್ಯಾರ್ಥಿಗಳನ್ನು ವಿಶ್ವವಿದ್ಯಾನಿಲಯ ಅನೇಕ ಶೈಕ್ಷಣಿಕ ಸುಧಾರಣೆಗಳನ್ನು ತಂದಿದೆ. ಈ ನಿಟ್ಟಿನಲ್ಲಿ ರಾಷ್ಟ್ರೀಯ ಶಿಕ್ಷಣ ನೀತಿಗೆ ಅನುಗುಣವಾಗಿ ವಿವಿ ಹೆಜ್ಜೆ ಇಡುತ್ತಿದೆ. ಭಾರತದ ಪ್ರಾಧ್ಯಾಪಕ ತಂಡದ ಕಾರ್ಯವನ್ನು ಸಾಹೇ ವಿವಿ ಕುಲಪತಿ ಡಾ. ಕೆ.ಬಿ.ಲಿಂಗೇಗೌಡ ಅವರು ಶ್ಲಾಘಿಸಿದ್ದಾರೆ. ಕರ್ನಾಟಕ ರಾಜ್ಯದ ಉನ್ನತ ಶಿಕ್ಷಣ ಕ್ಷೇತ್ರದಲ್ಲಿ ಹೊಸತನದ ಶಿಕ್ಷಣ ಕಲಿಕೆ ಕ್ಷೇತ್ರದಲ್ಲಿ ರಾಷ್ಟ್ರೀಯ ಮಟ್ಟದ ಮನ್ನಣೆ ಪಡೆದಿರುವುದು ಹೆಮ್ಮೆಯ ಸಂಗತಿ ಎಂದು ಡಾ. ಅಶೋಕ್ ಮೆಹ್ತಾ ಅವರು ತಿಳಿಸಿದ್ದಾರೆ.

ದೇಶದ ಎಲ್ಲಾ ತಾಂತ್ರಿಕ ವಿದ್ಯಾರ್ಥಿಗಳು ಮತ್ತು ಪದವೀಧರರಿಗೆ ಇಲ್ಲಿ ಅವಕಾಶ ಕಲ್ಪಿಸಲಾಗಿದೆ. ಸಾಹೇ ವಿವಿ ಕುಲಸಚಿವರಾದ ಡಾ. ಅಶೋಕ್ ಮೆಹ್ತಾ ಅವರು, ಸಾಹೇ ಇಂಜಿನಿಯರಿಂಗ್ ಕಾಲೇಜಿನ ವಿದ್ಯಾರ್ಥಿಗಳು ಈ ವರ್ಷ ಸಾಧನೆ ಮಾಡಿದ್ದು, ವಿದ್ಯಾರ್ಥಿಗಳು ಮುಂದೆಯೂ ಇಂತಹ ಸಾಧನೆಗಳನ್ನು ಮಾಡಲಿ ಎಂದು ಹಾರೈಸಿದರು.

ಕಾಲೇಜಿನಲ್ಲಿ ಹರ್ಷ

ಕಾಲೇಜಿನಲ್ಲಿ ವಿದ್ಯಾರ್ಥಿಗಳು ಅಭಿನಂದನೆ ಸಲ್ಲಿಸಿ ಸಂಭ್ರಮಿಸಿದರು. ಎಂದಿನಂತೆ ಶ್ರೀ ಸಿದ್ಧಾರ್ಥ ಇಂಜಿನಿಯರಿಂಗ್ ಕಾಲೇಜಿನ

ಕಾಲೇಜಿನ ಪ್ರಾಂಶುಪಾಲರಾದ ಡಾ. ಮಹಾಂತೇಶ್ ಎಂ. ಕಟ್ಟಿಮನಿ ಅವರು ಮುಂದಿನ ದಿನಗಳಲ್ಲಿ ಇನ್ನೂ ಹೆಚ್ಚಿನ ವಿದ್ಯಾರ್ಥಿಗಳು ಎನ್‌ಪಿಟಿಇಎಲ್ ಕೋರ್ಸ್‌ಗಳಲ್ಲಿ ನೋಂದಾಯಿಸಲು ಪ್ರೋತ್ಸಾಹಿಸಲಾಗುವುದು ಎಂದರು. ಕಾಲೇಜಿನ 22 ವಿಭಾಗಗಳಲ್ಲಿ ಸುಮಾರು 600 ಕ್ಕೂ ಹೆಚ್ಚು ವಿದ್ಯಾರ್ಥಿಗಳು ಪರೀಕ್ಷೆ ಬರೆದಿದ್ದಾರೆ.
ಕೋರ್ಸ್‌ಗಳನ್ನು ಆನ್‌ಲೈನ್ ಮೂಲಕ ನೀಡಲಾಗುತ್ತಿದೆ. ಎಂಜಿನಿಯರಿಂಗ್, ಮೂಲ ವಿಜ್ಞಾನಗಳು, ಮಾನವಿಕ ಮತ್ತು ನಿರ್ವಹಣಾ ವಿಷಯಗಳ ಕೋರ್ಸ್‌ಗಳು ಲಭ್ಯವಿವೆ. ಐಐಟಿಗಳು ಮತ್ತು ಐಐಎಸ್‌ಸಿ ಸಂಸ್ಥೆಗಳ ಉತ್ತಮ ಪ್ರಾಧ್ಯಾಪಕರು ಬೋಧಿಸುವ ಈ ಕೋರ್ಸ್‌ಗಳು ವಿದ್ಯಾರ್ಥಿಗಳಿಗೆ ಉಪಯುಕ್ತವಾಗಿವೆ. ಉದ್ಯೋಗಾವಕಾಶ ಹೆಚ್ಚಿಸಲು ಈ ಯೋಜನೆ ಸಹಕಾರಿಯಾಗಿದ್ದು, ಶ್ರೀ ಸಿದ್ಧಾರ್ಥ ತಾಂತ್ರಿಕ ಮಹಾವಿದ್ಯಾಲಯದಲ್ಲಿ ಈ ಯೋಜನೆ ಯಶಸ್ವಿಯಾಗಿ ನಡೆಯುತ್ತಿದೆ. ಎಂಜಿನಿಯರಿಂಗ್, ಮೂಲ ವಿಜ್ಞಾನಗಳ ಕೋರ್ಸ್‌ಗಳು ಜನಪ್ರಿಯವಾಗಿದ್ದು, ವಿದ್ಯಾರ್ಥಿಗಳು ಉತ್ತಮ ಅಂಕ ಗಳಿಸಿದ್ದಾರೆ.
6
